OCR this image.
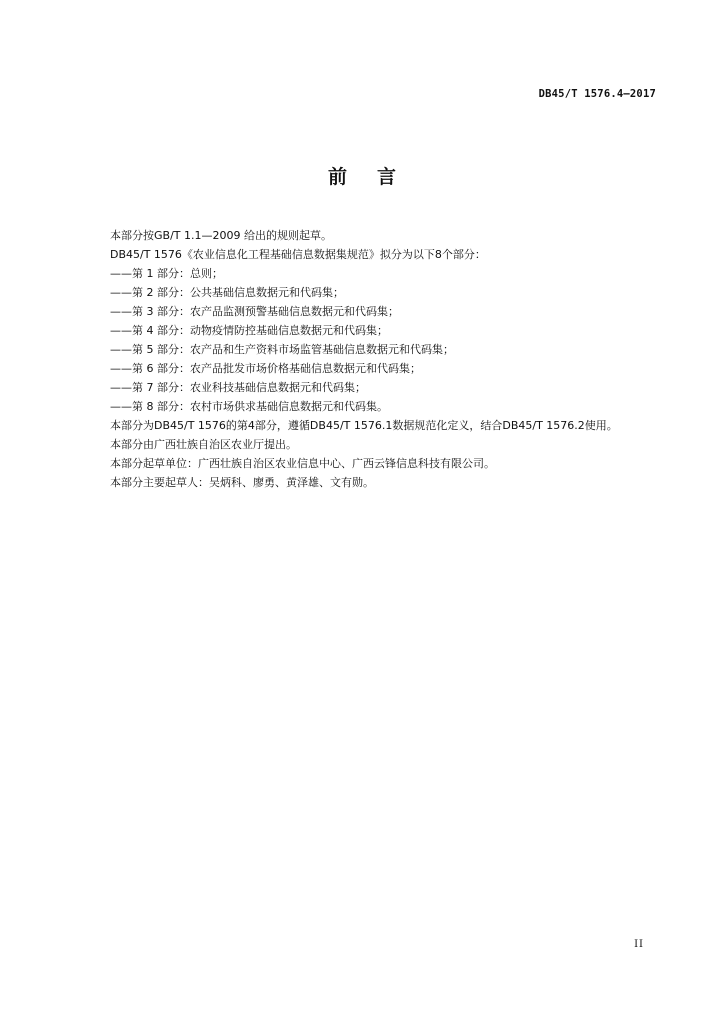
DB45/T 1576.4—2017
前言
本部分按GB/T 1.1—2009 给出的规则起草。
DB45/T 1576《农业信息化工程基础信息数据集规范》拟分为以下8个部分：
——第 1 部分：总则；
——第 2 部分：公共基础信息数据元和代码集；
——第 3 部分：农产品监测预警基础信息数据元和代码集；
——第 4 部分：动物疫情防控基础信息数据元和代码集；
——第 5 部分：农产品和生产资料市场监管基础信息数据元和代码集；
——第 6 部分：农产品批发市场价格基础信息数据元和代码集；
——第 7 部分：农业科技基础信息数据元和代码集；
——第 8 部分：农村市场供求基础信息数据元和代码集。
本部分为DB45/T 1576的第4部分，遵循DB45/T 1576.1数据规范化定义，结合DB45/T 1576.2使用。
本部分由广西壮族自治区农业厅提出。
本部分起草单位：广西壮族自治区农业信息中心、广西云锋信息科技有限公司。
本部分主要起草人：吴炳科、廖勇、黄泽雄、文有勋。
II
